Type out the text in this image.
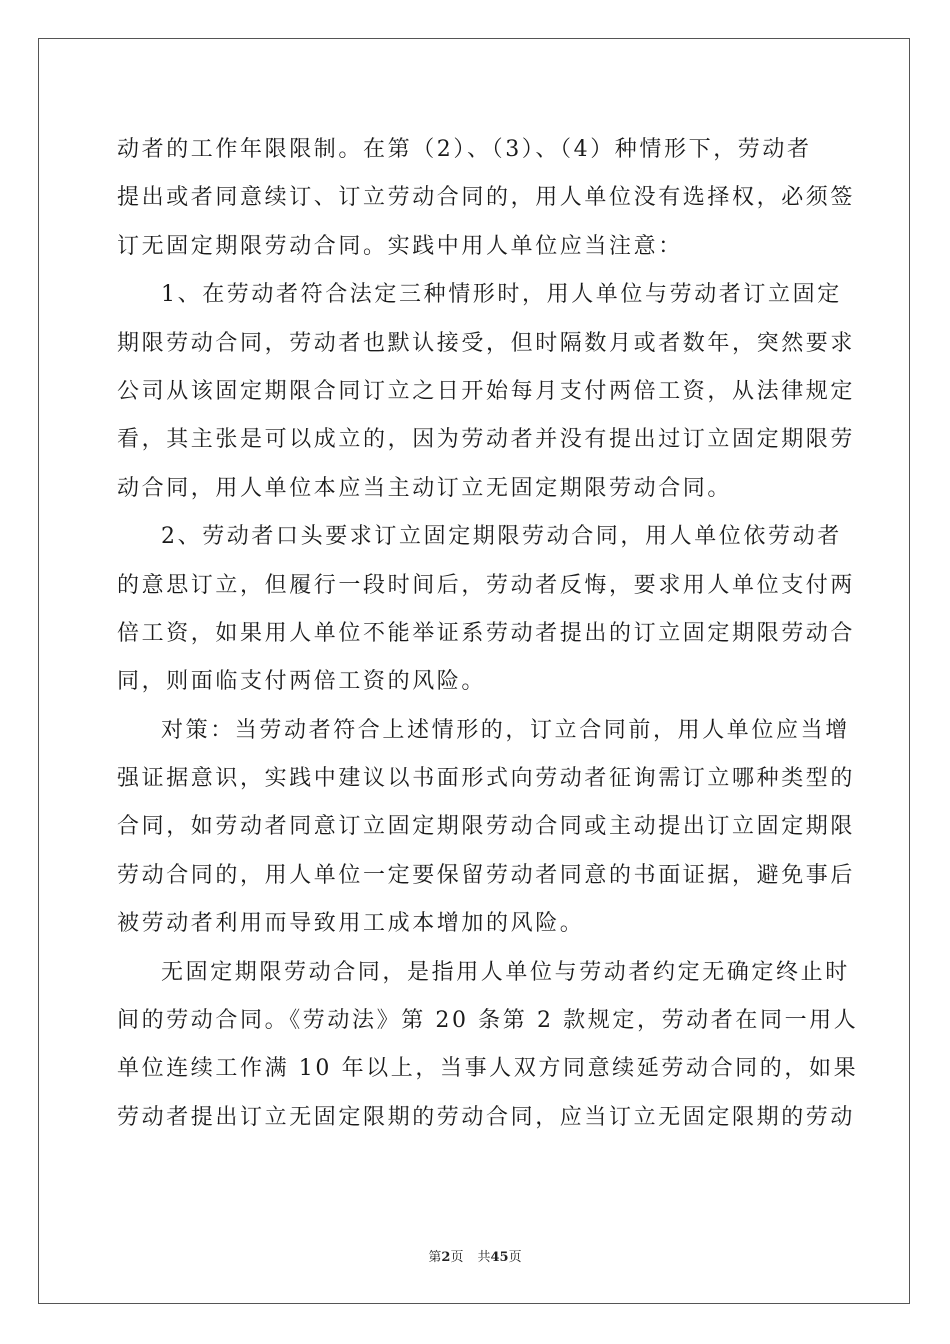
动者的工作年限限制。在第（2）、（3）、（4）种情形下，劳动者
提出或者同意续订、订立劳动合同的，用人单位没有选择权，必须签
订无固定期限劳动合同。实践中用人单位应当注意：
1、在劳动者符合法定三种情形时，用人单位与劳动者订立固定
期限劳动合同，劳动者也默认接受，但时隔数月或者数年，突然要求
公司从该固定期限合同订立之日开始每月支付两倍工资，从法律规定
看，其主张是可以成立的，因为劳动者并没有提出过订立固定期限劳
动合同，用人单位本应当主动订立无固定期限劳动合同。
2、劳动者口头要求订立固定期限劳动合同，用人单位依劳动者
的意思订立，但履行一段时间后，劳动者反悔，要求用人单位支付两
倍工资，如果用人单位不能举证系劳动者提出的订立固定期限劳动合
同，则面临支付两倍工资的风险。
对策：当劳动者符合上述情形的，订立合同前，用人单位应当增
强证据意识，实践中建议以书面形式向劳动者征询需订立哪种类型的
合同，如劳动者同意订立固定期限劳动合同或主动提出订立固定期限
劳动合同的，用人单位一定要保留劳动者同意的书面证据，避免事后
被劳动者利用而导致用工成本增加的风险。
无固定期限劳动合同，是指用人单位与劳动者约定无确定终止时
间的劳动合同。《劳动法》第 20 条第 2 款规定，劳动者在同一用人
单位连续工作满 10 年以上，当事人双方同意续延劳动合同的，如果
劳动者提出订立无固定限期的劳动合同，应当订立无固定限期的劳动
第2页 共45页
